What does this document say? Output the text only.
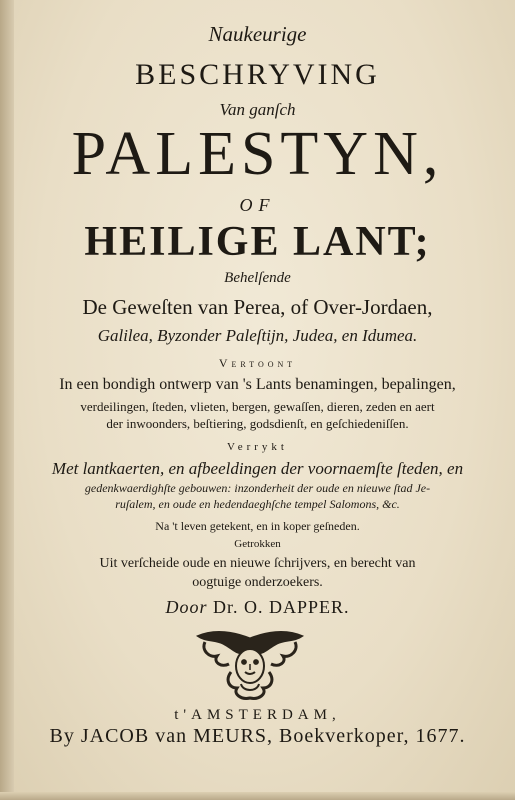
Naukeurige
BESCHRYVING
Van ganſch
PALESTYN,
OF
HEILIGE LANT;
Behelſende
De Geweſten van Perea, of Over-Jordaen,
Galilea, Byzonder Paleſtijn, Judea, en Idumea.
Vertoont
In een bondigh ontwerp van 's Lants benamingen, bepalingen,
verdeilingen, ſteden, vlieten, bergen, gewaſſen, dieren, zeden en aert
der inwoonders, beſtiering, godsdienſt, en geſchiedeniſſen.
Verrykt
Met lantkaerten, en afbeeldingen der voornaemſte ſteden, en
gedenkwaerdighſte gebouwen: inzonderheit der oude en nieuwe ſtad Je-
ruſalem, en oude en hedendaeghſche tempel Salomons, &c.
Na 't leven getekent, en in koper geſneden.
Getrokken
Uit verſcheide oude en nieuwe ſchrijvers, en berecht van
oogtuige onderzoekers.
Door Dr. O. DAPPER.
t'AMSTERDAM,
By JACOB van MEURS, Boekverkoper, 1677.
